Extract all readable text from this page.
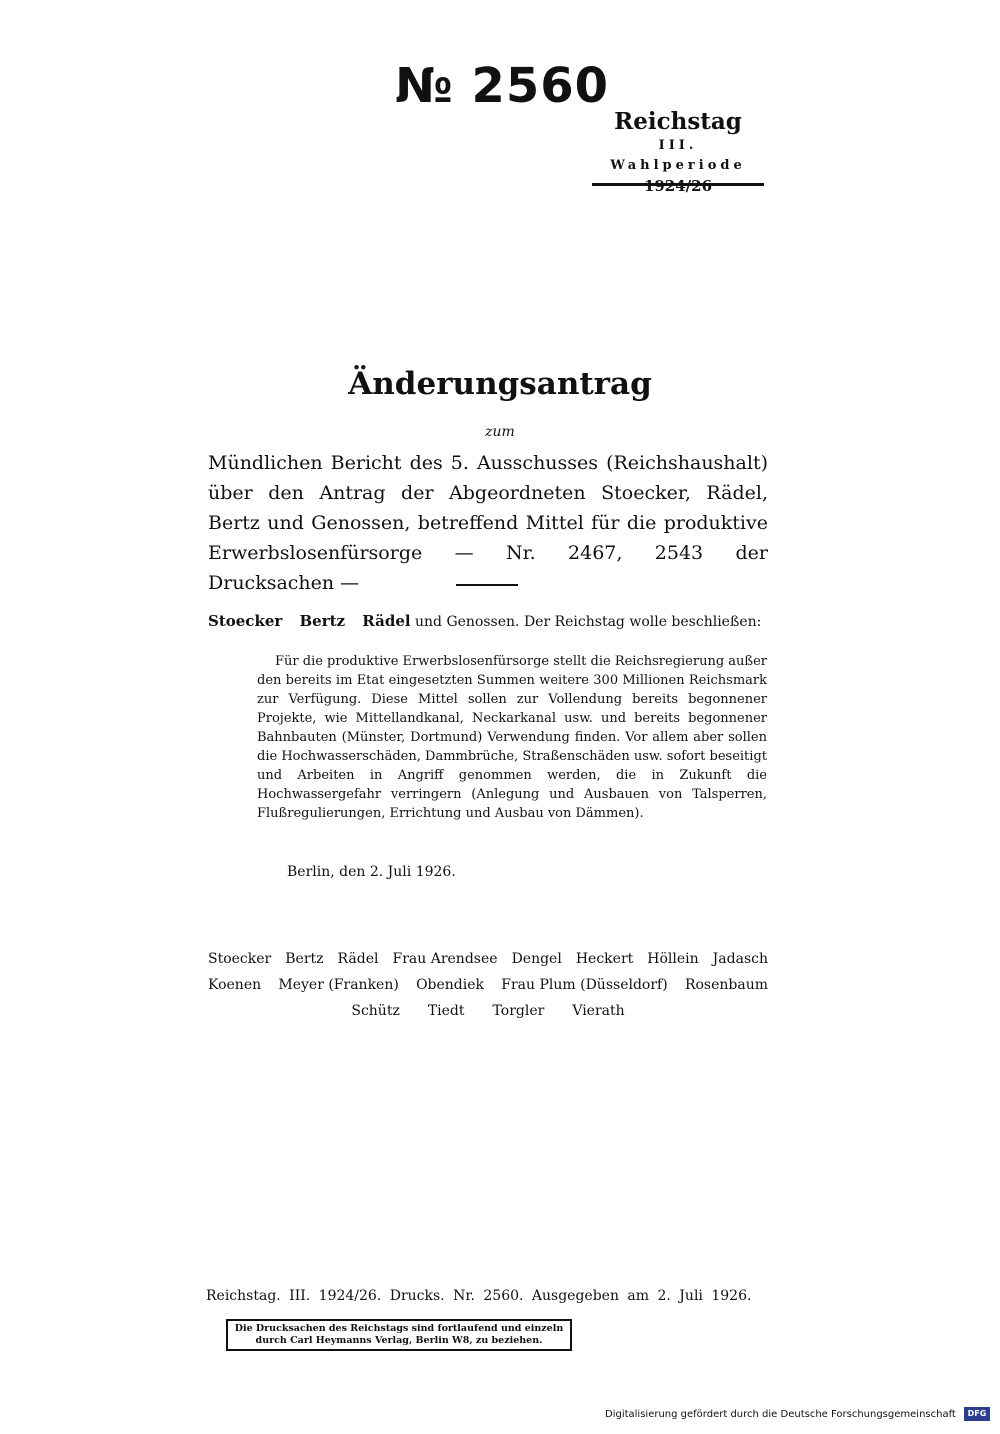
№ 2560
Reichstag
III. Wahlperiode
1924/26
Änderungsantrag
zum
Mündlichen Bericht des 5. Ausschusses (Reichshaushalt) über den Antrag der Abgeordneten Stoecker, Rädel, Bertz und Genossen, betreffend Mittel für die produktive Erwerbslosenfürsorge — Nr. 2467, 2543 der Drucksachen —
Stoecker Bertz Rädel und Genossen. Der Reichstag wolle beschließen:
Für die produktive Erwerbslosenfürsorge stellt die Reichsregierung außer den bereits im Etat eingesetzten Summen weitere 300 Millionen Reichsmark zur Verfügung. Diese Mittel sollen zur Vollendung bereits begonnener Projekte, wie Mittellandkanal, Neckarkanal usw. und bereits begonnener Bahnbauten (Münster, Dortmund) Verwendung finden. Vor allem aber sollen die Hochwasserschäden, Dammbrüche, Straßenschäden usw. sofort beseitigt und Arbeiten in Angriff genommen werden, die in Zukunft die Hochwassergefahr verringern (Anlegung und Ausbauen von Talsperren, Flußregulierungen, Errichtung und Ausbau von Dämmen).
Berlin, den 2. Juli 1926.
Stoecker Bertz Rädel Frau Arendsee Dengel Heckert Höllein Jadasch
Koenen Meyer (Franken) Obendiek Frau Plum (Düsseldorf) Rosenbaum
Schütz Tiedt Torgler Vierath
Reichstag. III. 1924/26. Drucks. Nr. 2560. Ausgegeben am 2. Juli 1926.
Die Drucksachen des Reichstags sind fortlaufend und einzeln durch Carl Heymanns Verlag, Berlin W8, zu beziehen.
Digitalisierung gefördert durch die Deutsche Forschungsgemeinschaft	DFG
